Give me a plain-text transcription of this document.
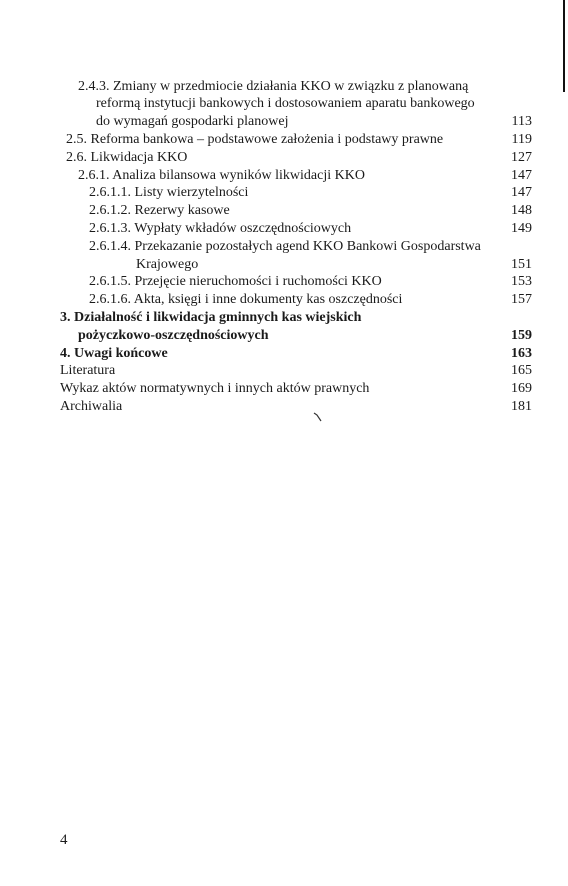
2.4.3. Zmiany w przedmiocie działania KKO w związku z planowaną
reformą instytucji bankowych i dostosowaniem aparatu bankowego
do wymagań gospodarki planowej	113
2.5. Reforma bankowa – podstawowe założenia i podstawy prawne	119
2.6. Likwidacja KKO	127
2.6.1. Analiza bilansowa wyników likwidacji KKO	147
2.6.1.1. Listy wierzytelności	147
2.6.1.2. Rezerwy kasowe	148
2.6.1.3. Wypłaty wkładów oszczędnościowych	149
2.6.1.4. Przekazanie pozostałych agend KKO Bankowi Gospodarstwa
Krajowego	151
2.6.1.5. Przejęcie nieruchomości i ruchomości KKO	153
2.6.1.6. Akta, księgi i inne dokumenty kas oszczędności	157
3. Działalność i likwidacja gminnych kas wiejskich
pożyczkowo-oszczędnościowych	159
4. Uwagi końcowe	163
Literatura	165
Wykaz aktów normatywnych i innych aktów prawnych	169
Archiwalia	181
4
